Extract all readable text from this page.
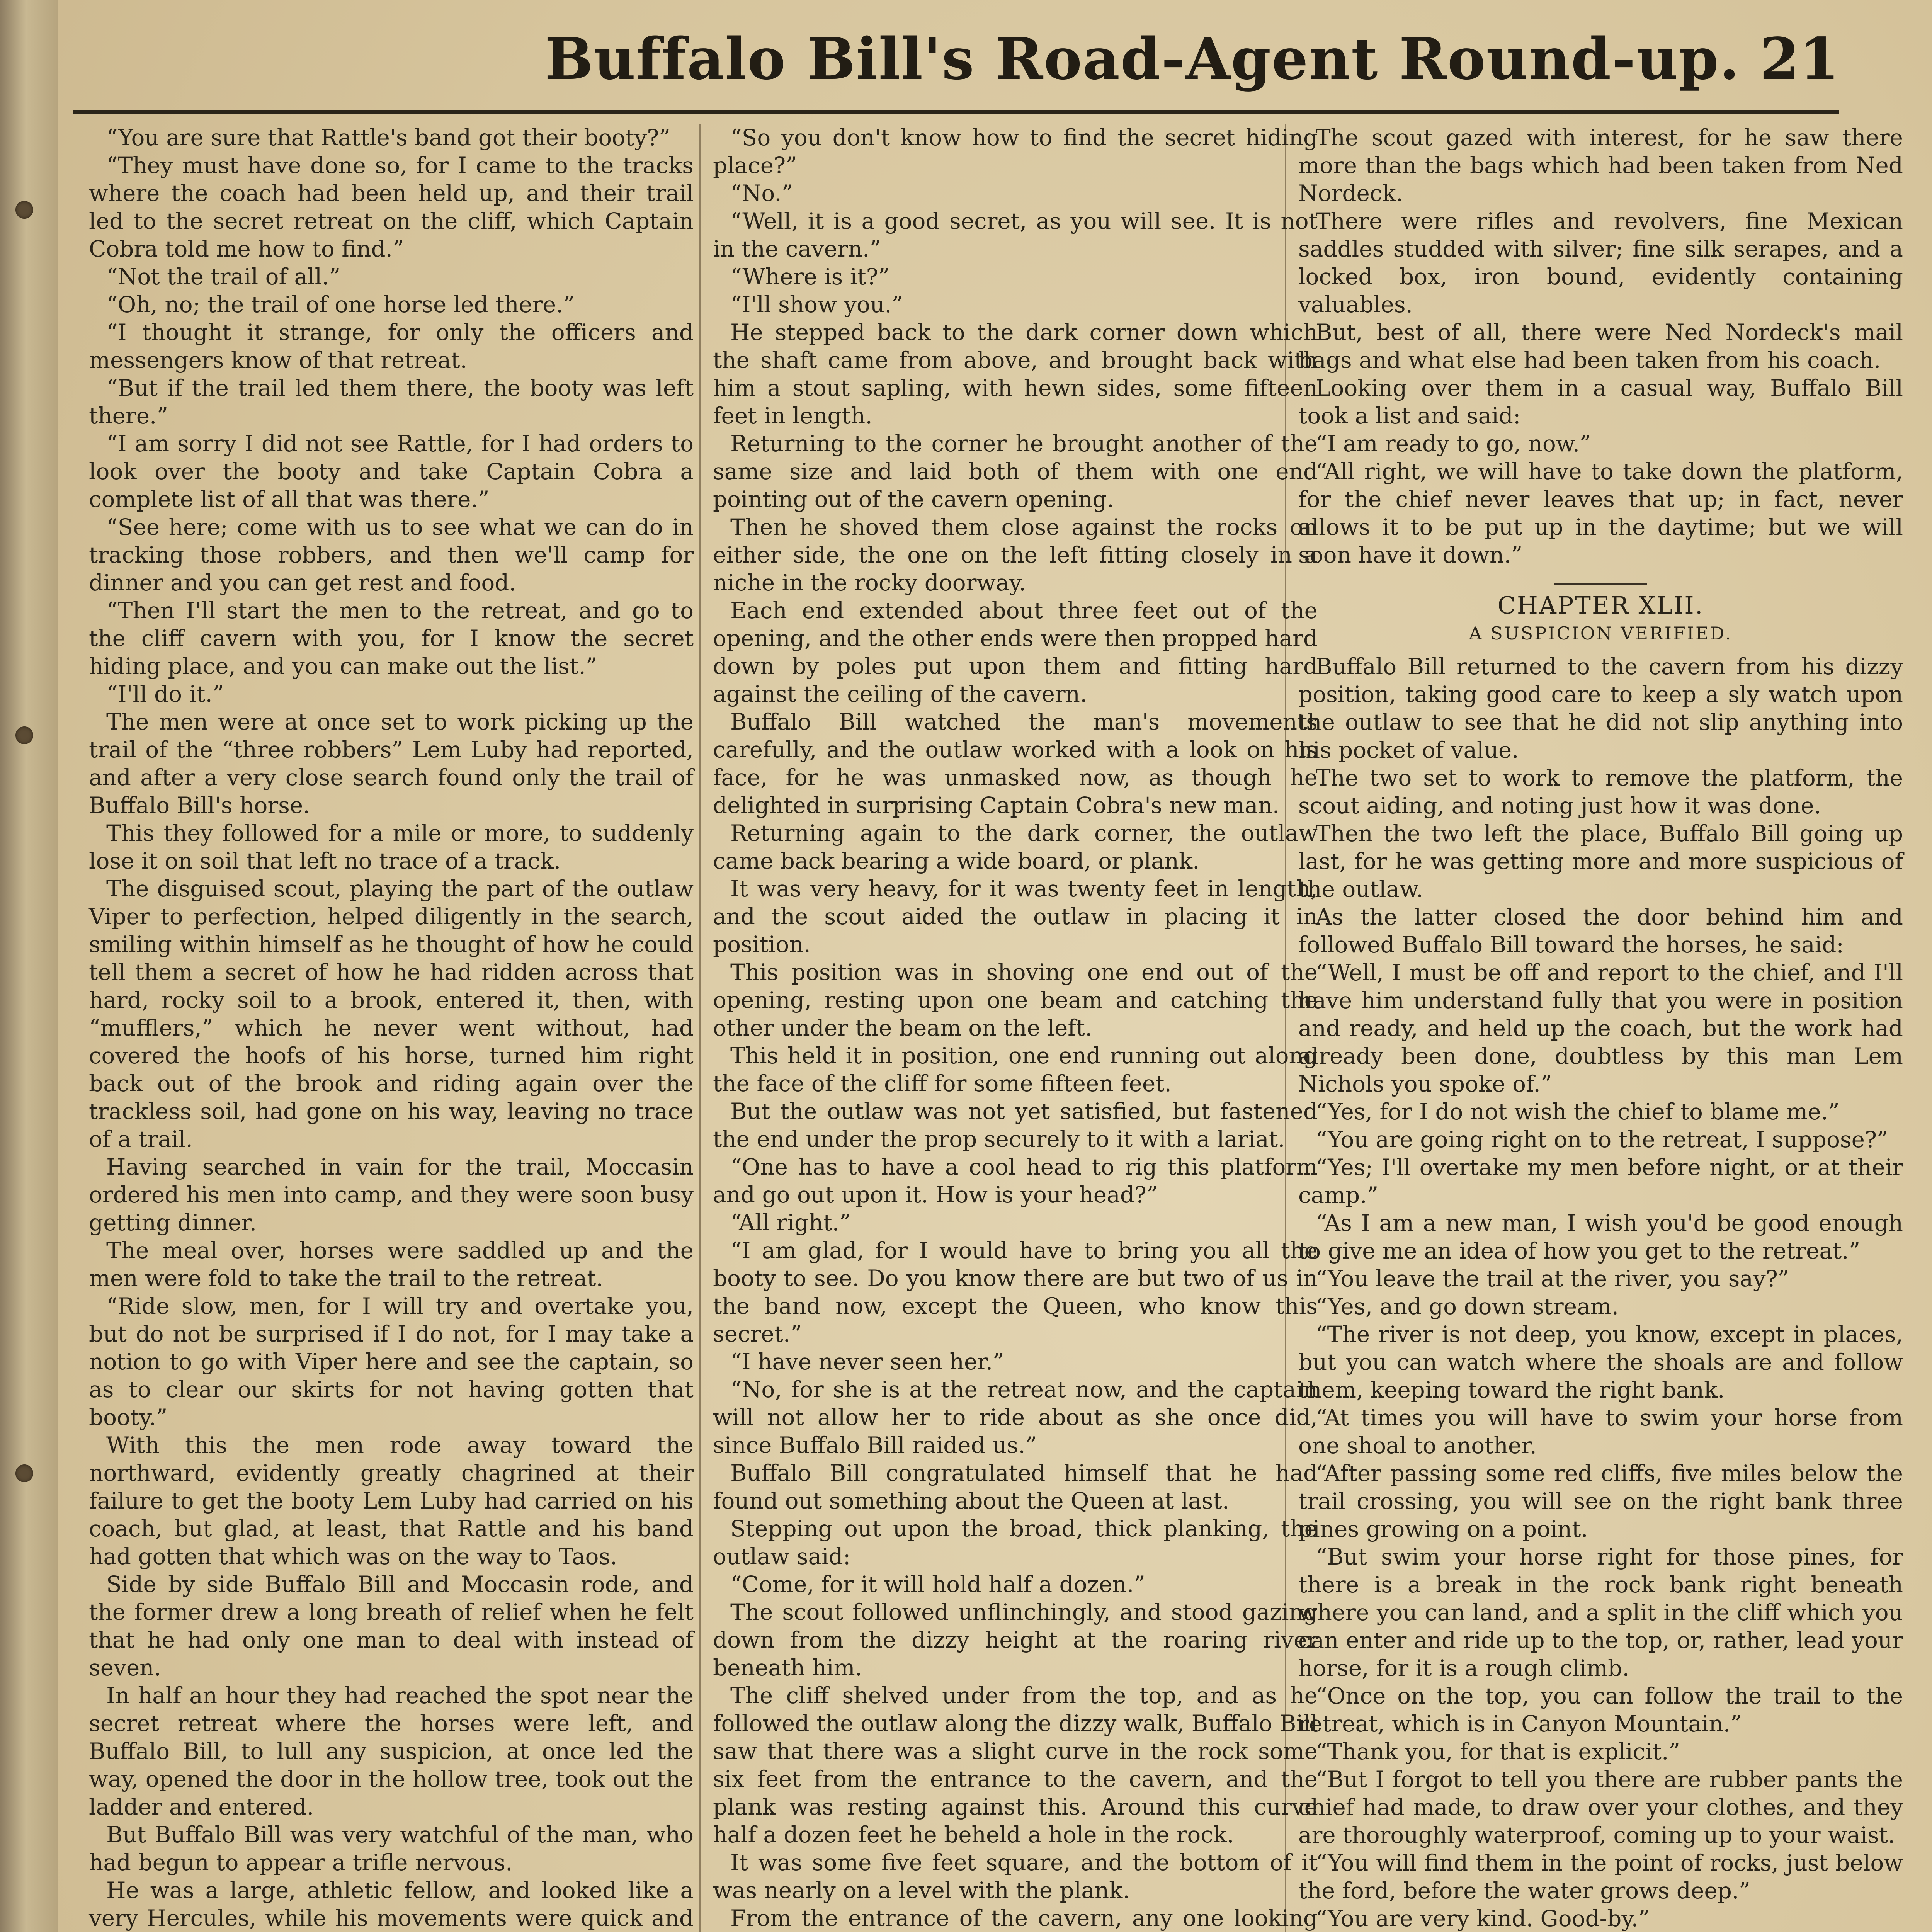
Buffalo Bill's Road-Agent Round-up. 21

“You are sure that Rattle's band got their booty?”

“They must have done so, for I came to the tracks where the coach had been held up, and their trail led to the secret retreat on the cliff, which Captain Cobra told me how to find.”

“Not the trail of all.”

“Oh, no; the trail of one horse led there.”

“I thought it strange, for only the officers and messengers know of that retreat.

“But if the trail led them there, the booty was left there.”

“I am sorry I did not see Rattle, for I had orders to look over the booty and take Captain Cobra a complete list of all that was there.”

“See here; come with us to see what we can do in tracking those robbers, and then we'll camp for dinner and you can get rest and food.

“Then I'll start the men to the retreat, and go to the cliff cavern with you, for I know the secret hiding place, and you can make out the list.”

“I'll do it.”

The men were at once set to work picking up the trail of the “three robbers” Lem Luby had reported, and after a very close search found only the trail of Buffalo Bill's horse.

This they followed for a mile or more, to suddenly lose it on soil that left no trace of a track.

The disguised scout, playing the part of the outlaw Viper to perfection, helped diligently in the search, smiling within himself as he thought of how he could tell them a secret of how he had ridden across that hard, rocky soil to a brook, entered it, then, with “mufflers,” which he never went without, had covered the hoofs of his horse, turned him right back out of the brook and riding again over the trackless soil, had gone on his way, leaving no trace of a trail.

Having searched in vain for the trail, Moccasin ordered his men into camp, and they were soon busy getting dinner.

The meal over, horses were saddled up and the men were fold to take the trail to the retreat.

“Ride slow, men, for I will try and overtake you, but do not be surprised if I do not, for I may take a notion to go with Viper here and see the captain, so as to clear our skirts for not having gotten that booty.”

With this the men rode away toward the northward, evidently greatly chagrined at their failure to get the booty Lem Luby had carried on his coach, but glad, at least, that Rattle and his band had gotten that which was on the way to Taos.

Side by side Buffalo Bill and Moccasin rode, and the former drew a long breath of relief when he felt that he had only one man to deal with instead of seven.

In half an hour they had reached the spot near the secret retreat where the horses were left, and Buffalo Bill, to lull any suspicion, at once led the way, opened the door in the hollow tree, took out the ladder and entered.

But Buffalo Bill was very watchful of the man, who had begun to appear a trifle nervous.

He was a large, athletic fellow, and looked like a very Hercules, while his movements were quick and

“So you don't know how to find the secret hiding place?”

“No.”

“Well, it is a good secret, as you will see. It is not in the cavern.”

“Where is it?”

“I'll show you.”

He stepped back to the dark corner down which the shaft came from above, and brought back with him a stout sapling, with hewn sides, some fifteen feet in length.

Returning to the corner he brought another of the same size and laid both of them with one end pointing out of the cavern opening.

Then he shoved them close against the rocks on either side, the one on the left fitting closely in a niche in the rocky doorway.

Each end extended about three feet out of the opening, and the other ends were then propped hard down by poles put upon them and fitting hard against the ceiling of the cavern.

Buffalo Bill watched the man's movements carefully, and the outlaw worked with a look on his face, for he was unmasked now, as though he delighted in surprising Captain Cobra's new man.

Returning again to the dark corner, the outlaw came back bearing a wide board, or plank.

It was very heavy, for it was twenty feet in length, and the scout aided the outlaw in placing it in position.

This position was in shoving one end out of the opening, resting upon one beam and catching the other under the beam on the left.

This held it in position, one end running out along the face of the cliff for some fifteen feet.

But the outlaw was not yet satisfied, but fastened the end under the prop securely to it with a lariat.

“One has to have a cool head to rig this platform and go out upon it. How is your head?”

“All right.”

“I am glad, for I would have to bring you all the booty to see. Do you know there are but two of us in the band now, except the Queen, who know this secret.”

“I have never seen her.”

“No, for she is at the retreat now, and the captain will not allow her to ride about as she once did, since Buffalo Bill raided us.”

Buffalo Bill congratulated himself that he had found out something about the Queen at last.

Stepping out upon the broad, thick planking, the outlaw said:

“Come, for it will hold half a dozen.”

The scout followed unflinchingly, and stood gazing down from the dizzy height at the roaring river beneath him.

The cliff shelved under from the top, and as he followed the outlaw along the dizzy walk, Buffalo Bill saw that there was a slight curve in the rock some six feet from the entrance to the cavern, and the plank was resting against this. Around this curve half a dozen feet he beheld a hole in the rock.

It was some five feet square, and the bottom of it was nearly on a level with the plank.

From the entrance of the cavern, any one looking

The scout gazed with interest, for he saw there more than the bags which had been taken from Ned Nordeck.

There were rifles and revolvers, fine Mexican saddles studded with silver; fine silk serapes, and a locked box, iron bound, evidently containing valuables.

But, best of all, there were Ned Nordeck's mail bags and what else had been taken from his coach.

Looking over them in a casual way, Buffalo Bill took a list and said:

“I am ready to go, now.”

“All right, we will have to take down the platform, for the chief never leaves that up; in fact, never allows it to be put up in the daytime; but we will soon have it down.”

CHAPTER XLII.
A SUSPICION VERIFIED.

Buffalo Bill returned to the cavern from his dizzy position, taking good care to keep a sly watch upon the outlaw to see that he did not slip anything into his pocket of value.

The two set to work to remove the platform, the scout aiding, and noting just how it was done.

Then the two left the place, Buffalo Bill going up last, for he was getting more and more suspicious of the outlaw.

As the latter closed the door behind him and followed Buffalo Bill toward the horses, he said:

“Well, I must be off and report to the chief, and I'll have him understand fully that you were in position and ready, and held up the coach, but the work had already been done, doubtless by this man Lem Nichols you spoke of.”

“Yes, for I do not wish the chief to blame me.”

“You are going right on to the retreat, I suppose?”

“Yes; I'll overtake my men before night, or at their camp.”

“As I am a new man, I wish you'd be good enough to give me an idea of how you get to the retreat.”

“You leave the trail at the river, you say?”

“Yes, and go down stream.

“The river is not deep, you know, except in places, but you can watch where the shoals are and follow them, keeping toward the right bank.

“At times you will have to swim your horse from one shoal to another.

“After passing some red cliffs, five miles below the trail crossing, you will see on the right bank three pines growing on a point.

“But swim your horse right for those pines, for there is a break in the rock bank right beneath where you can land, and a split in the cliff which you can enter and ride up to the top, or, rather, lead your horse, for it is a rough climb.

“Once on the top, you can follow the trail to the retreat, which is in Canyon Mountain.”

“Thank you, for that is explicit.”

“But I forgot to tell you there are rubber pants the chief had made, to draw over your clothes, and they are thoroughly waterproof, coming up to your waist.

“You will find them in the point of rocks, just below the ford, before the water grows deep.”

“You are very kind. Good-by.”
